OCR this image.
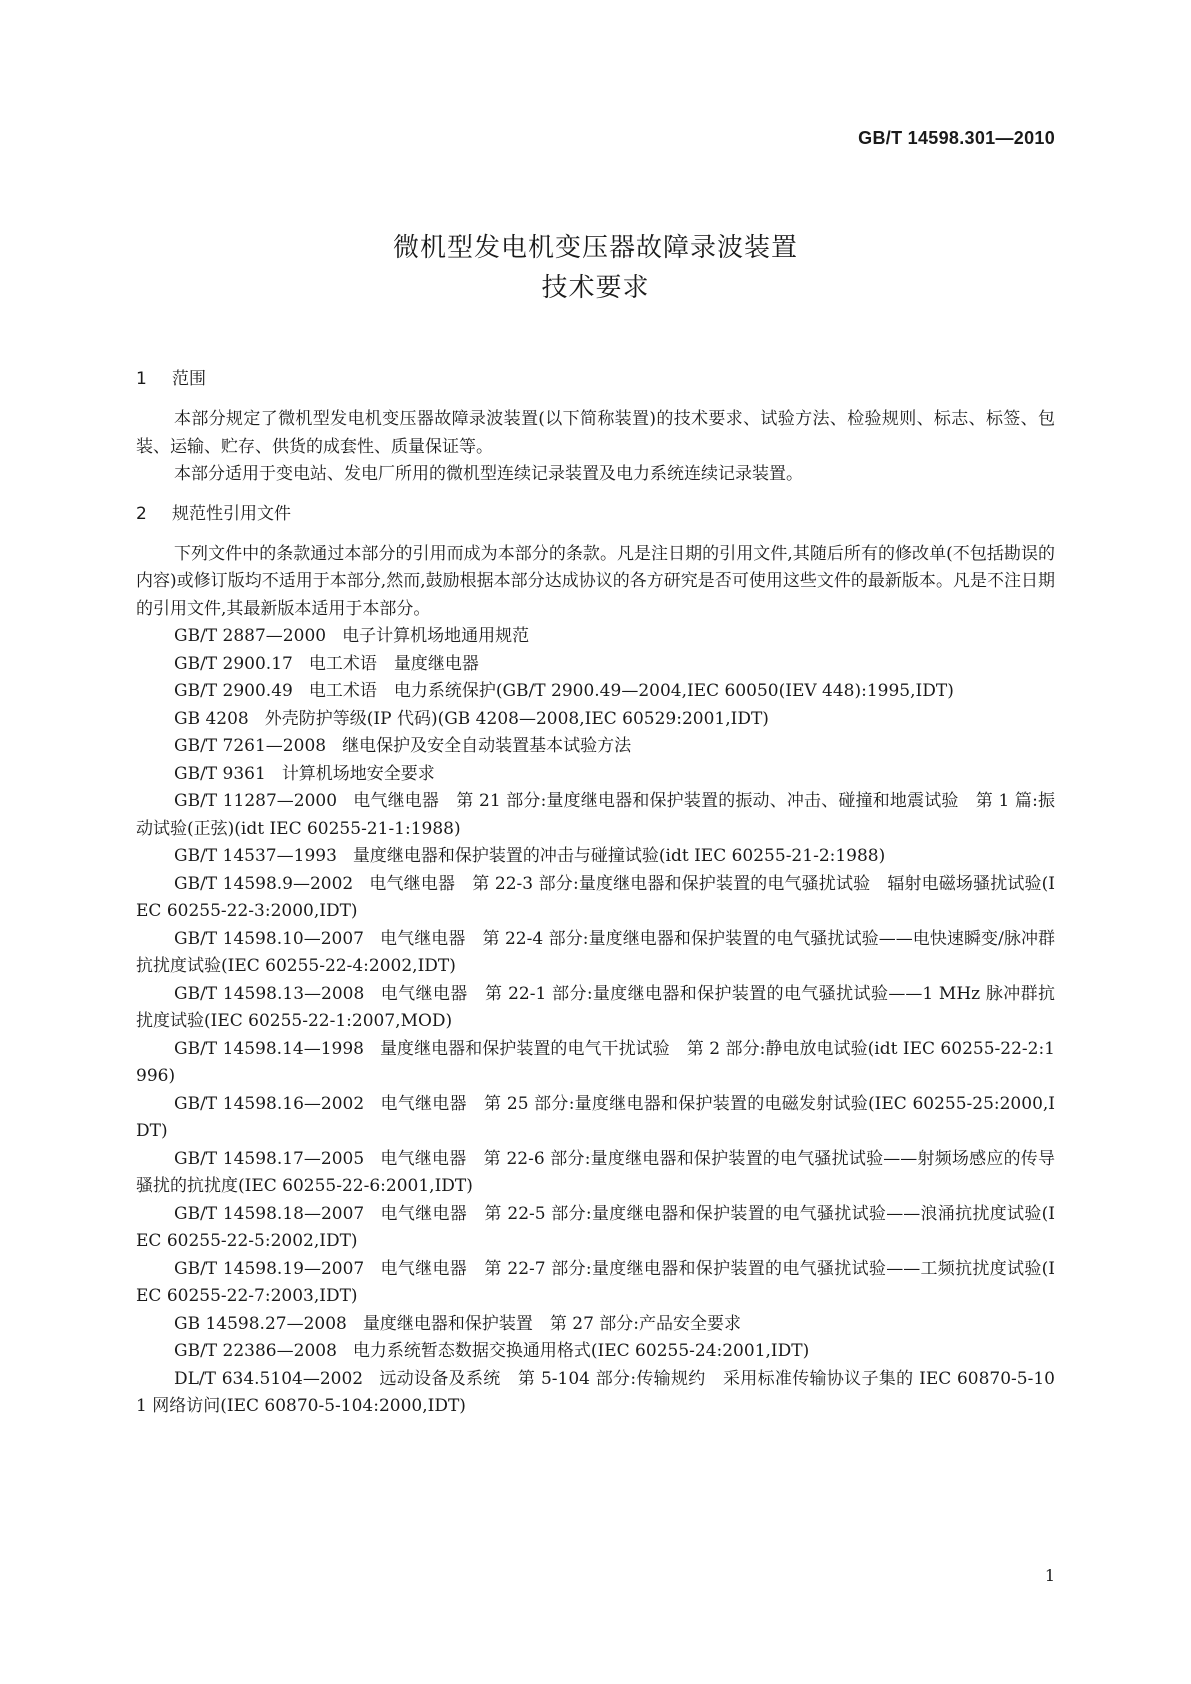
GB/T 14598.301—2010
微机型发电机变压器故障录波装置
技术要求
1 范围

本部分规定了微机型发电机变压器故障录波装置(以下简称装置)的技术要求、试验方法、检验规则、标志、标签、包装、运输、贮存、供货的成套性、质量保证等。

本部分适用于变电站、发电厂所用的微机型连续记录装置及电力系统连续记录装置。

2 规范性引用文件

下列文件中的条款通过本部分的引用而成为本部分的条款。凡是注日期的引用文件,其随后所有的修改单(不包括勘误的内容)或修订版均不适用于本部分,然而,鼓励根据本部分达成协议的各方研究是否可使用这些文件的最新版本。凡是不注日期的引用文件,其最新版本适用于本部分。

GB/T 2887—2000 电子计算机场地通用规范

GB/T 2900.17 电工术语　量度继电器

GB/T 2900.49 电工术语　电力系统保护(GB/T 2900.49—2004,IEC 60050(IEV 448):1995,IDT)

GB 4208 外壳防护等级(IP 代码)(GB 4208—2008,IEC 60529:2001,IDT)

GB/T 7261—2008 继电保护及安全自动装置基本试验方法

GB/T 9361 计算机场地安全要求

GB/T 11287—2000 电气继电器　第 21 部分:量度继电器和保护装置的振动、冲击、碰撞和地震试验　第 1 篇:振动试验(正弦)(idt IEC 60255-21-1:1988)

GB/T 14537—1993 量度继电器和保护装置的冲击与碰撞试验(idt IEC 60255-21-2:1988)

GB/T 14598.9—2002 电气继电器　第 22-3 部分:量度继电器和保护装置的电气骚扰试验　辐射电磁场骚扰试验(IEC 60255-22-3:2000,IDT)

GB/T 14598.10—2007 电气继电器　第 22-4 部分:量度继电器和保护装置的电气骚扰试验——电快速瞬变/脉冲群抗扰度试验(IEC 60255-22-4:2002,IDT)

GB/T 14598.13—2008 电气继电器　第 22-1 部分:量度继电器和保护装置的电气骚扰试验——1 MHz 脉冲群抗扰度试验(IEC 60255-22-1:2007,MOD)

GB/T 14598.14—1998 量度继电器和保护装置的电气干扰试验　第 2 部分:静电放电试验(idt IEC 60255-22-2:1996)

GB/T 14598.16—2002 电气继电器　第 25 部分:量度继电器和保护装置的电磁发射试验(IEC 60255-25:2000,IDT)

GB/T 14598.17—2005 电气继电器　第 22-6 部分:量度继电器和保护装置的电气骚扰试验——射频场感应的传导骚扰的抗扰度(IEC 60255-22-6:2001,IDT)

GB/T 14598.18—2007 电气继电器　第 22-5 部分:量度继电器和保护装置的电气骚扰试验——浪涌抗扰度试验(IEC 60255-22-5:2002,IDT)

GB/T 14598.19—2007 电气继电器　第 22-7 部分:量度继电器和保护装置的电气骚扰试验——工频抗扰度试验(IEC 60255-22-7:2003,IDT)

GB 14598.27—2008 量度继电器和保护装置　第 27 部分:产品安全要求

GB/T 22386—2008 电力系统暂态数据交换通用格式(IEC 60255-24:2001,IDT)

DL/T 634.5104—2002 远动设备及系统　第 5-104 部分:传输规约　采用标准传输协议子集的 IEC 60870-5-101 网络访问(IEC 60870-5-104:2000,IDT)

1
